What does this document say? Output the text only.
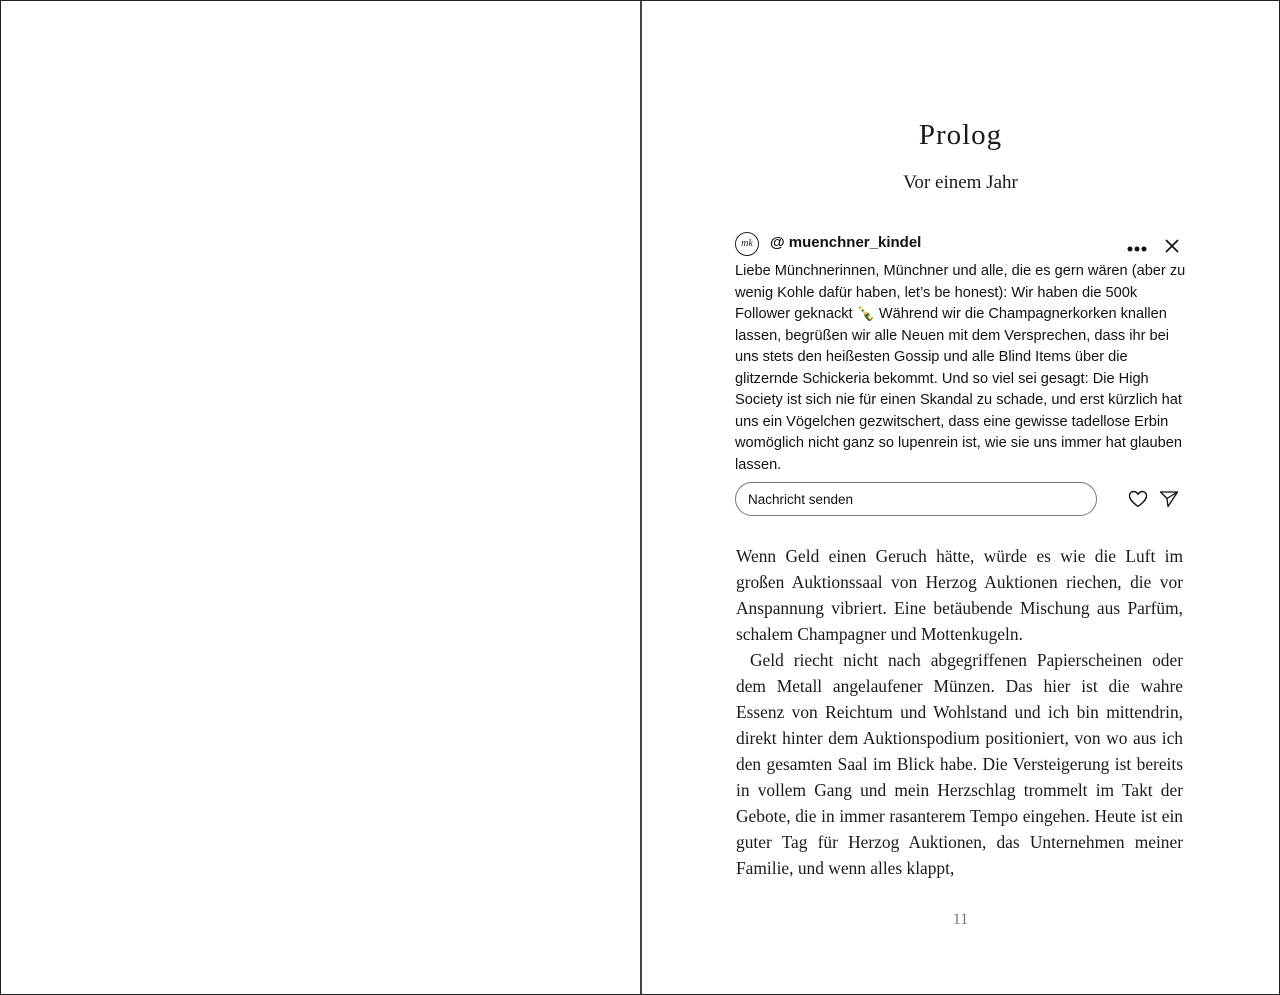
Prolog
Vor einem Jahr
mk	@ muenchner_kindel

Liebe Münchnerinnen, Münchner und alle, die es gern wären (aber zu wenig Kohle dafür haben, let’s be honest): Wir haben die 500k Follower geknackt 🍾 Während wir die Champagnerkorken knallen lassen, begrüßen wir alle Neuen mit dem Versprechen, dass ihr bei uns stets den heißesten Gossip und alle Blind Items über die glitzernde Schickeria bekommt. Und so viel sei gesagt: Die High Society ist sich nie für einen Skandal zu schade, und erst kürzlich hat uns ein Vögelchen gezwitschert, dass eine gewisse tadellose Erbin womöglich nicht ganz so lupenrein ist, wie sie uns immer hat glauben lassen.

Nachricht senden

Wenn Geld einen Geruch hätte, würde es wie die Luft im großen Auktionssaal von Herzog Auktionen riechen, die vor Anspannung vibriert. Eine betäubende Mischung aus Parfüm, schalem Champagner und Mottenkugeln.

Geld riecht nicht nach abgegriffenen Papierscheinen oder dem Metall angelaufener Münzen. Das hier ist die wahre Essenz von Reichtum und Wohlstand und ich bin mittendrin, direkt hinter dem Auktionspodium positioniert, von wo aus ich den gesamten Saal im Blick habe. Die Versteigerung ist bereits in vollem Gang und mein Herzschlag trommelt im Takt der Gebote, die in immer rasanterem Tempo eingehen. Heute ist ein guter Tag für Herzog Auktionen, das Unternehmen meiner Familie, und wenn alles klappt,

11
